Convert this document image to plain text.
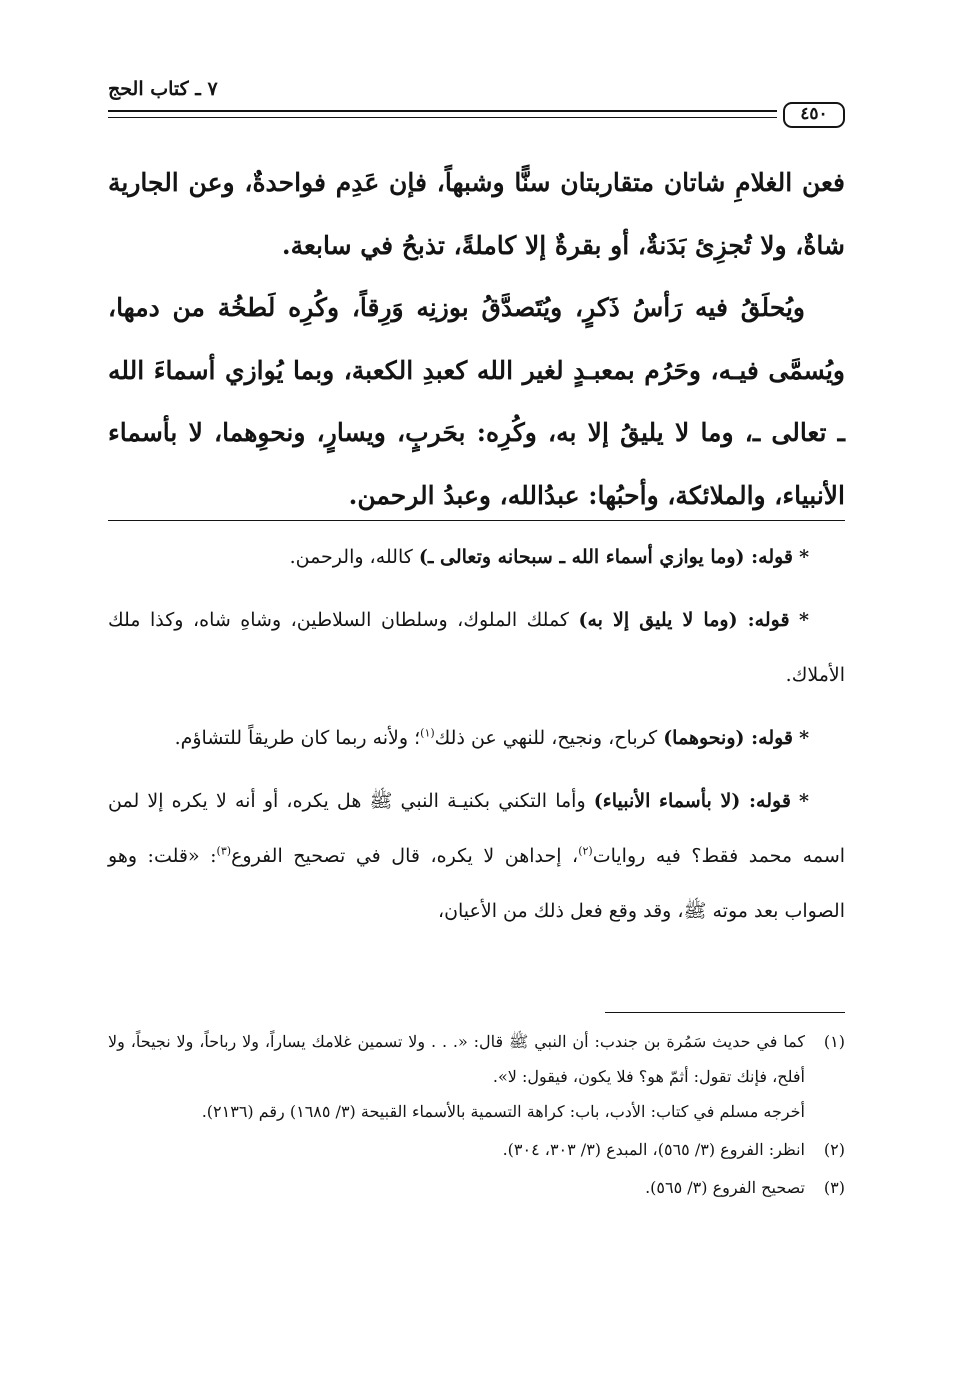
٤٥٠
٧ ـ كتاب الحج

فعن الغلامِ شاتان متقاربتان سنًّا وشبهاً، فإن عَدِم فواحدةٌ، وعن الجارية شاةٌ، ولا تُجزِئ بَدَنةٌ، أو بقرةٌ إلا كاملةً، تذبحُ في سابعة.

ويُحلَقُ فيه رَأسُ ذَكرٍ، ويُتَصدَّقُ بوزنِه وَرِقاً، وكُرِه لَطخُة من دمها، ويُسمَّى فيـه، وحَرُم بمعبـدٍ لغير الله كعبدِ الكعبة، وبما يُوازي أسماءَ الله ـ تعالى ـ، وما لا يليقُ إلا به، وكُرِه: بحَربٍ، ويسارٍ، ونحوِهما، لا بأسماء الأنبياء، والملائكة، وأحبُها: عبدُالله، وعبدُ الرحمن.

* قوله: (وما يوازي أسماء الله ـ سبحانه وتعالى ـ) كالله، والرحمن.

* قوله: (وما لا يليق إلا به) كملك الملوك، وسلطان السلاطين، وشاهِ شاه، وكذا ملك الأملاك.

* قوله: (ونحوهما) كرباح، ونجيح، للنهي عن ذلك$^{(١)}$؛ ولأنه ربما كان طريقاً للتشاؤم.

* قوله: (لا بأسماء الأنبياء) وأما التكني بكنيـة النبي ﷺ هل يكره، أو أنه لا يكره إلا لمن اسمه محمد فقط؟ فيه روايات$^{(٢)}$، إحداهن لا يكره، قال في تصحيح الفروع$^{(٣)}$: «قلت: وهو الصواب بعد موته ﷺ، وقد وقع فعل ذلك من الأعيان،

(١)

كما في حديث سَمُرة بن جندب: أن النبي ﷺ قال: «. . . ولا تسمين غلامك يساراً، ولا رباحاً، ولا نجيحاً، ولا أفلح، فإنك تقول: أثمّ هو؟ فلا يكون، فيقول: لا».

أخرجه مسلم في كتاب: الأدب، باب: كراهة التسمية بالأسماء القبيحة (٣/ ١٦٨٥) رقم (٢١٣٦).

(٢)

انظر: الفروع (٣/ ٥٦٥)، المبدع (٣/ ٣٠٣، ٣٠٤).

(٣)

تصحيح الفروع (٣/ ٥٦٥).
